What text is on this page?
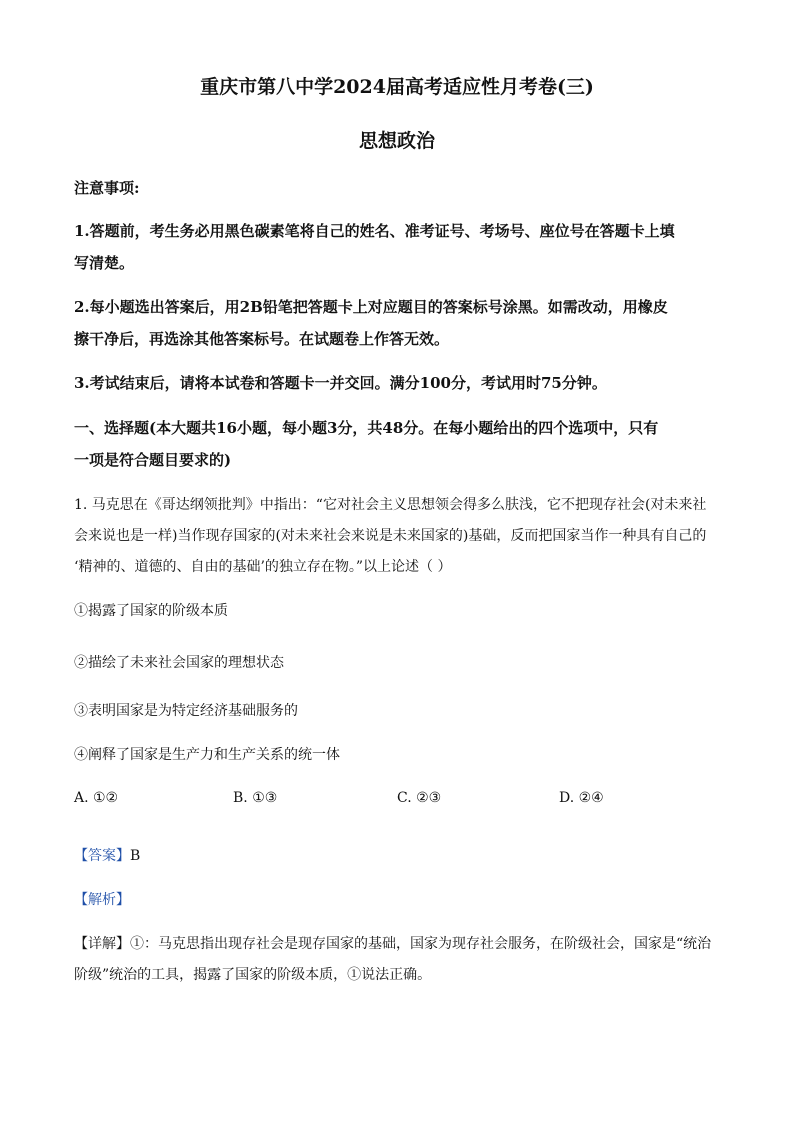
重庆市第八中学2024届高考适应性月考卷(三)
思想政治
注意事项:
1.答题前，考生务必用黑色碳素笔将自己的姓名、准考证号、考场号、座位号在答题卡上填
写清楚。
2.每小题选出答案后，用2B铅笔把答题卡上对应题目的答案标号涂黑。如需改动，用橡皮
擦干净后，再选涂其他答案标号。在试题卷上作答无效。
3.考试结束后，请将本试卷和答题卡一并交回。满分100分，考试用时75分钟。
一、选择题(本大题共16小题，每小题3分，共48分。在每小题给出的四个选项中，只有
一项是符合题目要求的)
1. 马克思在《哥达纲领批判》中指出：“它对社会主义思想领会得多么肤浅，它不把现存社会(对未来社
会来说也是一样)当作现存国家的(对未来社会来说是未来国家的)基础，反而把国家当作一种具有自己的
‘精神的、道德的、自由的基础’的独立存在物。”以上论述（ ）
①揭露了国家的阶级本质
②描绘了未来社会国家的理想状态
③表明国家是为特定经济基础服务的
④阐释了国家是生产力和生产关系的统一体
A. ①②	B. ①③	C. ②③	D. ②④
【答案】B
【解析】
【详解】①：马克思指出现存社会是现存国家的基础，国家为现存社会服务，在阶级社会，国家是“统治
阶级”统治的工具，揭露了国家的阶级本质，①说法正确。
